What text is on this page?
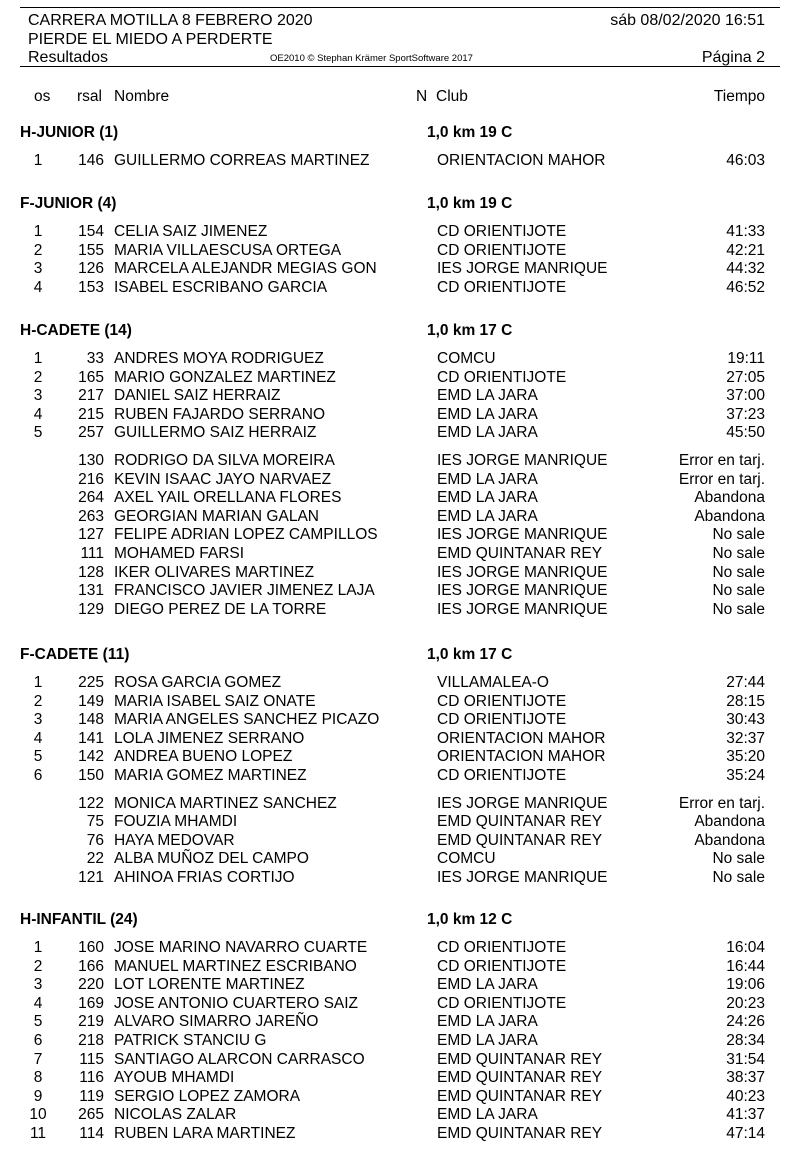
CARRERA MOTILLA 8 FEBRERO 2020
PIERDE EL MIEDO A PERDERTE
Resultados
sáb 08/02/2020 16:51
OE2010 © Stephan Krämer SportSoftware 2017	Página 2
os rsal Nombre	N Club	Tiempo
H-JUNIOR (1)	1,0 km 19 C
1	146 GUILLERMO CORREAS MARTINEZ	ORIENTACION MAHOR	46:03
F-JUNIOR (4)	1,0 km 19 C
1	154 CELIA SAIZ JIMENEZ	CD ORIENTIJOTE	41:33
2	155 MARIA VILLAESCUSA ORTEGA	CD ORIENTIJOTE	42:21
3	126 MARCELA ALEJANDR MEGIAS GON	IES JORGE MANRIQUE	44:32
4	153 ISABEL ESCRIBANO GARCIA	CD ORIENTIJOTE	46:52
H-CADETE (14)	1,0 km 17 C
1	33 ANDRES MOYA RODRIGUEZ	COMCU	19:11
2	165 MARIO GONZALEZ MARTINEZ	CD ORIENTIJOTE	27:05
3	217 DANIEL SAIZ HERRAIZ	EMD LA JARA	37:00
4	215 RUBEN FAJARDO SERRANO	EMD LA JARA	37:23
5	257 GUILLERMO SAIZ HERRAIZ	EMD LA JARA	45:50
130 RODRIGO DA SILVA MOREIRA	IES JORGE MANRIQUE	Error en tarj.
216 KEVIN ISAAC JAYO NARVAEZ	EMD LA JARA	Error en tarj.
264 AXEL YAIL ORELLANA FLORES	EMD LA JARA	Abandona
263 GEORGIAN MARIAN GALAN	EMD LA JARA	Abandona
127 FELIPE ADRIAN LOPEZ CAMPILLOS	IES JORGE MANRIQUE	No sale
111 MOHAMED FARSI	EMD QUINTANAR REY	No sale
128 IKER OLIVARES MARTINEZ	IES JORGE MANRIQUE	No sale
131 FRANCISCO JAVIER JIMENEZ LAJA	IES JORGE MANRIQUE	No sale
129 DIEGO PEREZ DE LA TORRE	IES JORGE MANRIQUE	No sale
F-CADETE (11)	1,0 km 17 C
1	225 ROSA GARCIA GOMEZ	VILLAMALEA-O	27:44
2	149 MARIA ISABEL SAIZ ONATE	CD ORIENTIJOTE	28:15
3	148 MARIA ANGELES SANCHEZ PICAZO	CD ORIENTIJOTE	30:43
4	141 LOLA JIMENEZ SERRANO	ORIENTACION MAHOR	32:37
5	142 ANDREA BUENO LOPEZ	ORIENTACION MAHOR	35:20
6	150 MARIA GOMEZ MARTINEZ	CD ORIENTIJOTE	35:24
122 MONICA MARTINEZ SANCHEZ	IES JORGE MANRIQUE	Error en tarj.
75 FOUZIA MHAMDI	EMD QUINTANAR REY	Abandona
76 HAYA MEDOVAR	EMD QUINTANAR REY	Abandona
22 ALBA MUÑOZ DEL CAMPO	COMCU	No sale
121 AHINOA FRIAS CORTIJO	IES JORGE MANRIQUE	No sale
H-INFANTIL (24)	1,0 km 12 C
1	160 JOSE MARINO NAVARRO CUARTE	CD ORIENTIJOTE	16:04
2	166 MANUEL MARTINEZ ESCRIBANO	CD ORIENTIJOTE	16:44
3	220 LOT LORENTE MARTINEZ	EMD LA JARA	19:06
4	169 JOSE ANTONIO CUARTERO SAIZ	CD ORIENTIJOTE	20:23
5	219 ALVARO SIMARRO JAREÑO	EMD LA JARA	24:26
6	218 PATRICK STANCIU G	EMD LA JARA	28:34
7	115 SANTIAGO ALARCON CARRASCO	EMD QUINTANAR REY	31:54
8	116 AYOUB MHAMDI	EMD QUINTANAR REY	38:37
9	119 SERGIO LOPEZ ZAMORA	EMD QUINTANAR REY	40:23
10	265 NICOLAS ZALAR	EMD LA JARA	41:37
11	114 RUBEN LARA MARTINEZ	EMD QUINTANAR REY	47:14
